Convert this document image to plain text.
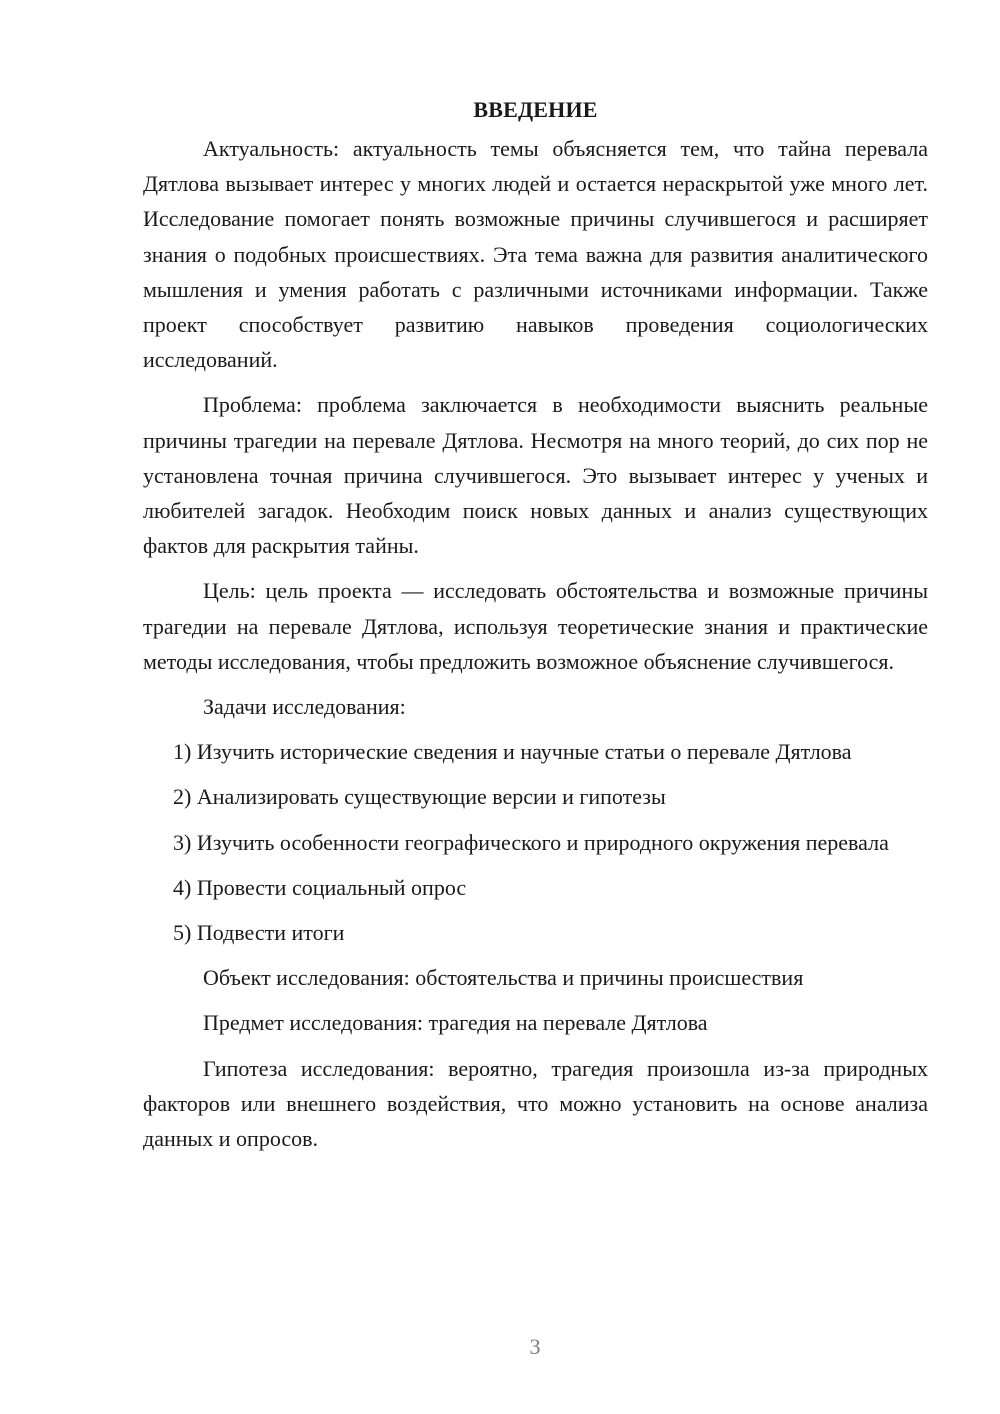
ВВЕДЕНИЕ

Актуальность: актуальность темы объясняется тем, что тайна перевала Дятлова вызывает интерес у многих людей и остается нераскрытой уже много лет. Исследование помогает понять возможные причины случившегося и расширяет знания о подобных происшествиях. Эта тема важна для развития аналитического мышления и умения работать с различными источниками информации. Также проект способствует развитию навыков проведения социологических исследований.

Проблема: проблема заключается в необходимости выяснить реальные причины трагедии на перевале Дятлова. Несмотря на много теорий, до сих пор не установлена точная причина случившегося. Это вызывает интерес у ученых и любителей загадок. Необходим поиск новых данных и анализ существующих фактов для раскрытия тайны.

Цель: цель проекта — исследовать обстоятельства и возможные причины трагедии на перевале Дятлова, используя теоретические знания и практические методы исследования, чтобы предложить возможное объяснение случившегося.

Задачи исследования:

1) Изучить исторические сведения и научные статьи о перевале Дятлова

2) Анализировать существующие версии и гипотезы

3) Изучить особенности географического и природного окружения перевала

4) Провести социальный опрос

5) Подвести итоги

Объект исследования: обстоятельства и причины происшествия

Предмет исследования: трагедия на перевале Дятлова

Гипотеза исследования: вероятно, трагедия произошла из-за природных факторов или внешнего воздействия, что можно установить на основе анализа данных и опросов.

3
